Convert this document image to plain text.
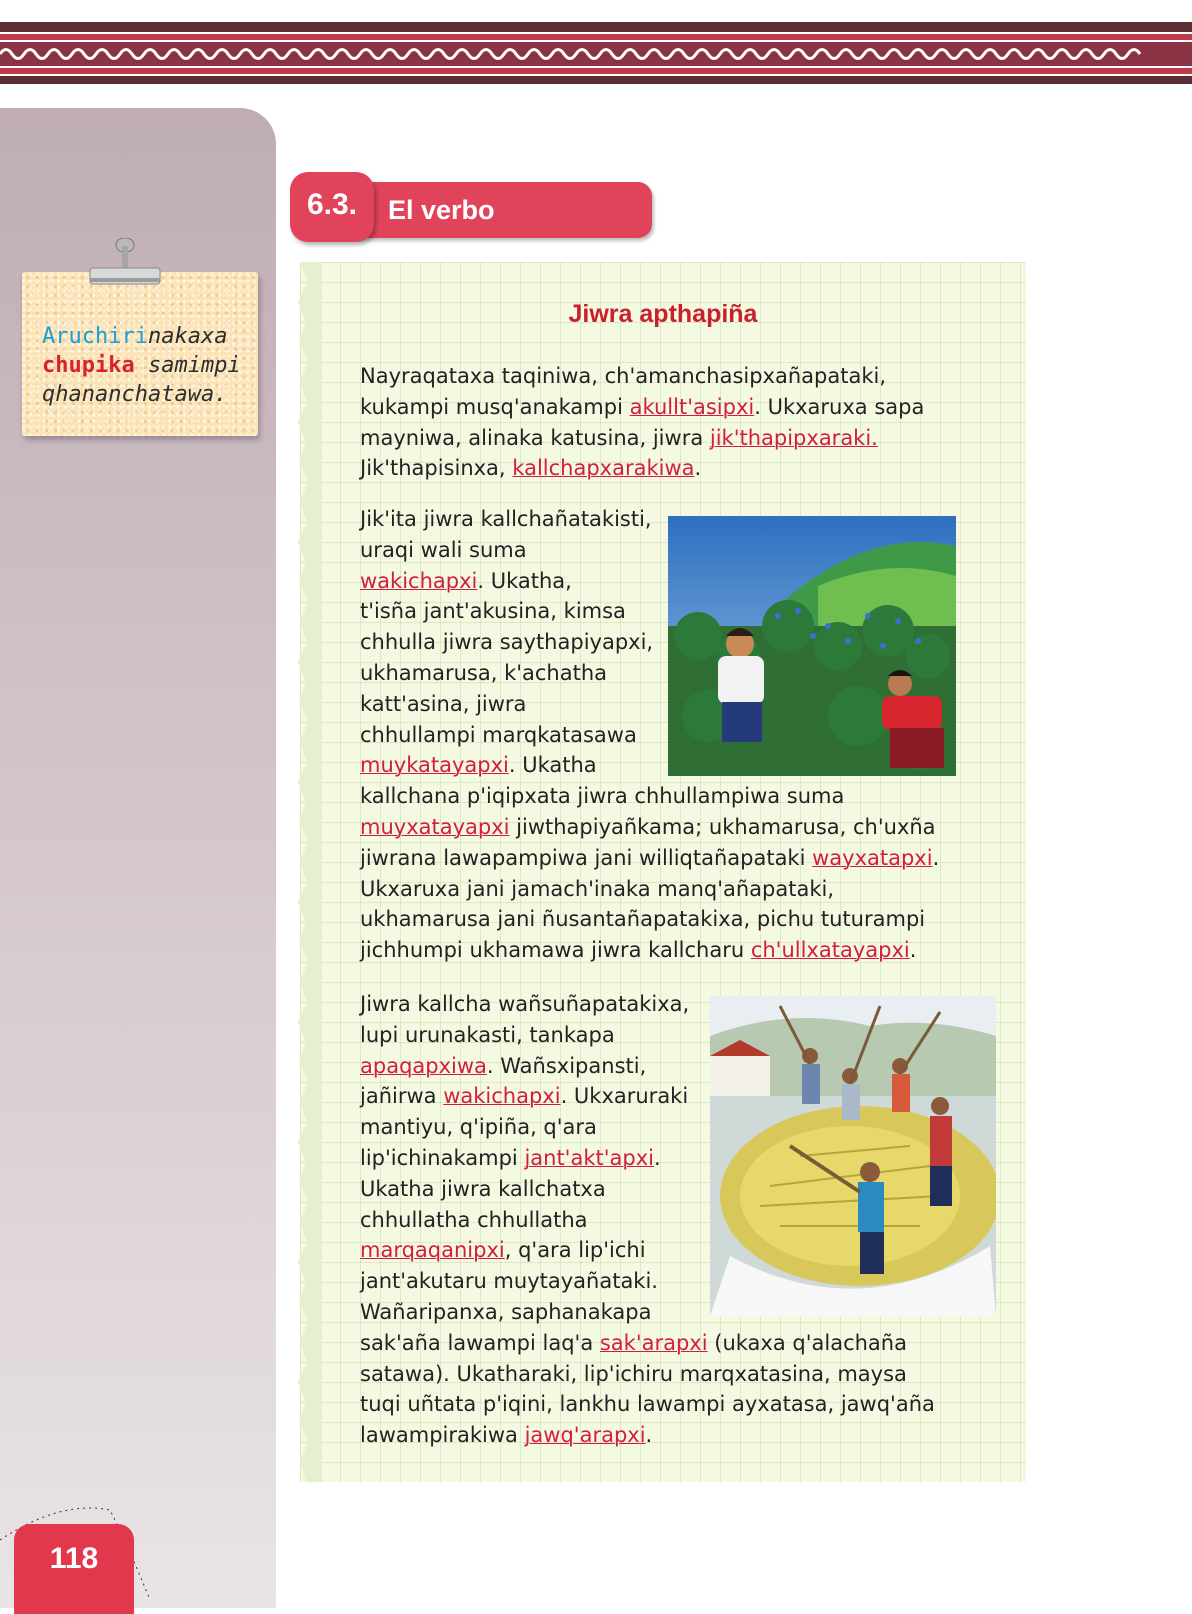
Aruchirinakaxa
chupika samimpi
qhananchatawa.
118
6.3.	El verbo
Jiwra apthapiña
Nayraqataxa taqiniwa, ch'amanchasipxañapataki,
kukampi musq'anakampi akullt'asipxi. Ukxaruxa sapa
mayniwa, alinaka katusina, jiwra jik'thapipxaraki.
Jik'thapisinxa, kallchapxarakiwa.
Jik'ita jiwra kallchañatakisti,
uraqi wali suma
wakichapxi. Ukatha,
t'isña jant'akusina, kimsa
chhulla jiwra saythapiyapxi,
ukhamarusa, k'achatha
katt'asina, jiwra
chhullampi marqkatasawa
muykatayapxi. Ukatha
kallchana p'iqipxata jiwra chhullampiwa suma
muyxatayapxi jiwthapiyañkama; ukhamarusa, ch'uxña
jiwrana lawapampiwa jani williqtañapataki wayxatapxi.
Ukxaruxa jani jamach'inaka manq'añapataki,
ukhamarusa jani ñusantañapatakixa, pichu tuturampi
jichhumpi ukhamawa jiwra kallcharu ch'ullxatayapxi.
Jiwra kallcha wañsuñapatakixa,
lupi urunakasti, tankapa
apaqapxiwa. Wañsxipansti,
jañirwa wakichapxi. Ukxaruraki
mantiyu, q'ipiña, q'ara
lip'ichinakampi jant'akt'apxi.
Ukatha jiwra kallchatxa
chhullatha chhullatha
marqaqanipxi, q'ara lip'ichi
jant'akutaru muytayañataki.
Wañaripanxa, saphanakapa
sak'aña lawampi laq'a sak'arapxi (ukaxa q'alachaña
satawa). Ukatharaki, lip'ichiru marqxatasina, maysa
tuqi uñtata p'iqini, lankhu lawampi ayxatasa, jawq'aña
lawampirakiwa jawq'arapxi.
